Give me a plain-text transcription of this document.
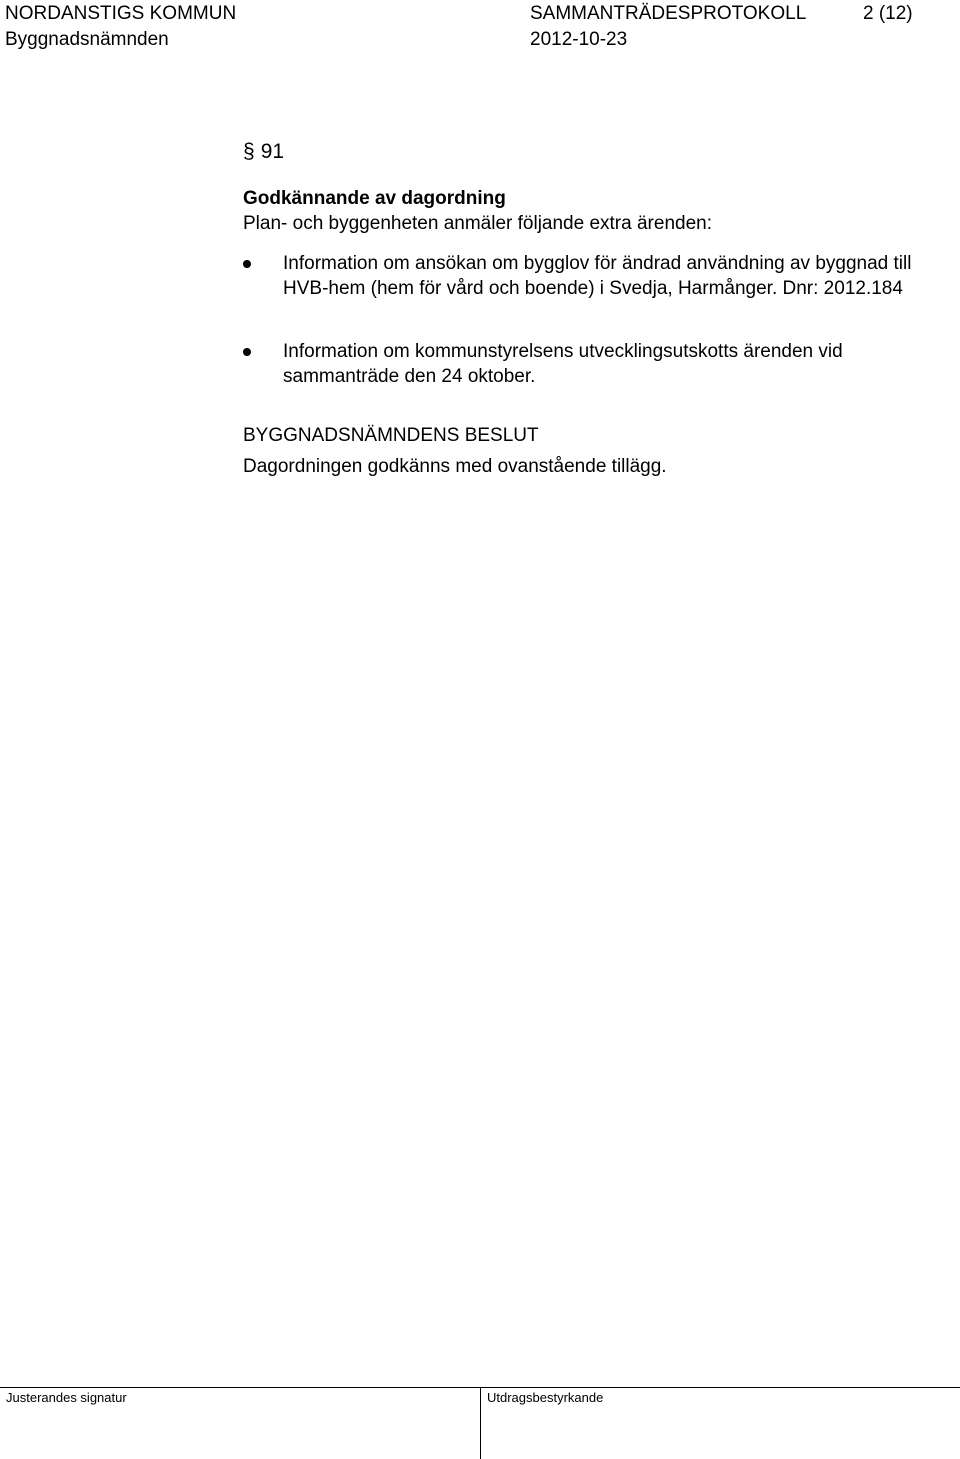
NORDANSTIGS KOMMUN	SAMMANTRÄDESPROTOKOLL	2 (12)
Byggnadsnämnden	2012-10-23
§ 91
Godkännande av dagordning
Plan- och byggenheten anmäler följande extra ärenden:
Information om ansökan om bygglov för ändrad användning av byggnad till HVB-hem (hem för vård och boende) i Svedja, Harmånger. Dnr: 2012.184
Information om kommunstyrelsens utvecklingsutskotts ärenden vid sammanträde den 24 oktober.
BYGGNADSNÄMNDENS BESLUT
Dagordningen godkänns med ovanstående tillägg.
Justerandes signatur	Utdragsbestyrkande
